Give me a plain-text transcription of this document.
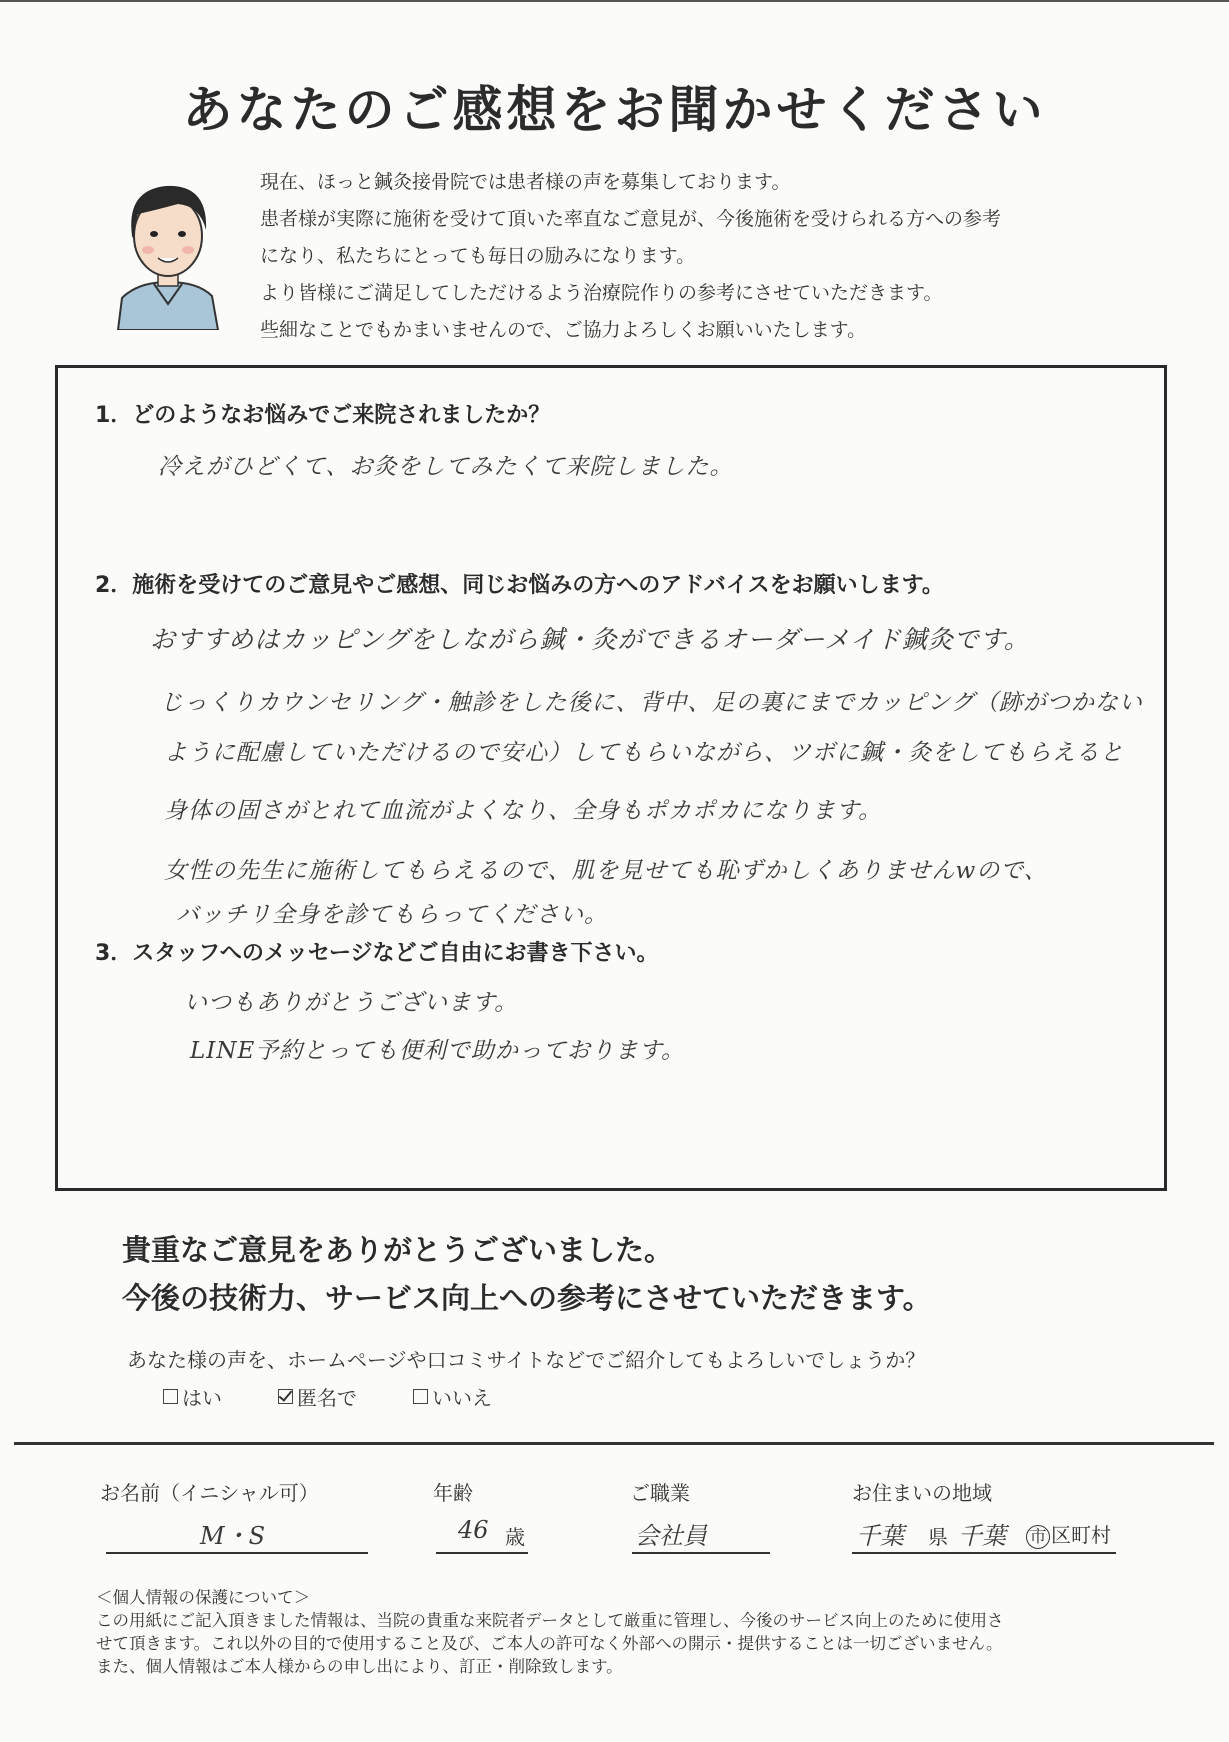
あなたのご感想をお聞かせください
現在、ほっと鍼灸接骨院では患者様の声を募集しております。
患者様が実際に施術を受けて頂いた率直なご意見が、今後施術を受けられる方への参考
になり、私たちにとっても毎日の励みになります。
より皆様にご満足してしただけるよう治療院作りの参考にさせていただきます。
些細なことでもかまいませんので、ご協力よろしくお願いいたします。
1．どのようなお悩みでご来院されましたか？
冷えがひどくて、お灸をしてみたくて来院しました。
2．施術を受けてのご意見やご感想、同じお悩みの方へのアドバイスをお願いします。
おすすめはカッピングをしながら鍼・灸ができるオーダーメイド鍼灸です。
じっくりカウンセリング・触診をした後に、背中、足の裏にまでカッピング（跡がつかない
ように配慮していただけるので安心）してもらいながら、ツボに鍼・灸をしてもらえると
身体の固さがとれて血流がよくなり、全身もポカポカになります。
女性の先生に施術してもらえるので、肌を見せても恥ずかしくありませんwので、
バッチリ全身を診てもらってください。
3．スタッフへのメッセージなどご自由にお書き下さい。
いつもありがとうございます。
LINE予約とっても便利で助かっております。
貴重なご意見をありがとうございました。
今後の技術力、サービス向上への参考にさせていただきます。
あなた様の声を、ホームページや口コミサイトなどでご紹介してもよろしいでしょうか？
はい	匿名で	いいえ
お名前（イニシャル可）	年齢	ご職業	お住まいの地域
M・S	46 歳	会社員	千葉 県 千葉 市 区町村
＜個人情報の保護について＞
この用紙にご記入頂きました情報は、当院の貴重な来院者データとして厳重に管理し、今後のサービス向上のために使用さ
せて頂きます。これ以外の目的で使用すること及び、ご本人の許可なく外部への開示・提供することは一切ございません。
また、個人情報はご本人様からの申し出により、訂正・削除致します。
